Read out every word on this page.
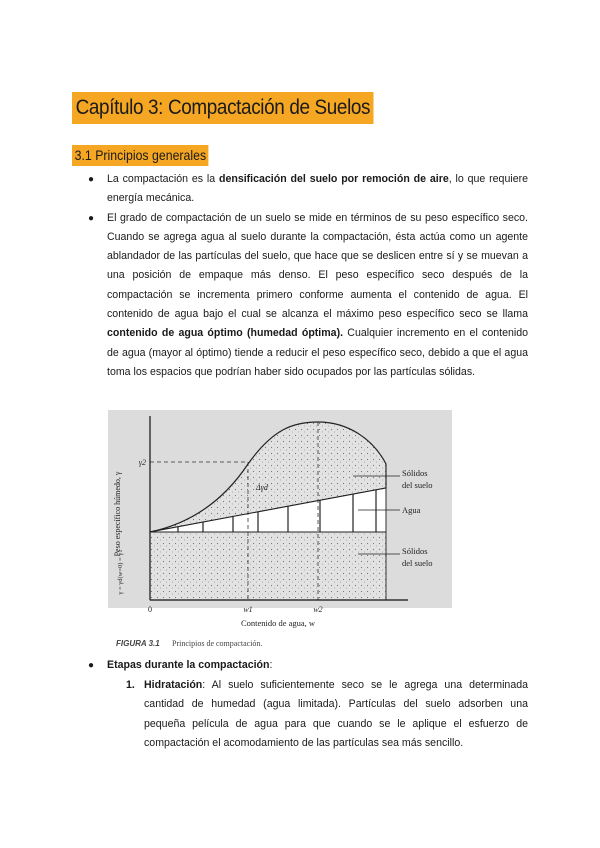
Capítulo 3: Compactación de Suelos
3.1 Principios generales
● La compactación es la densificación del suelo por remoción de aire, lo que requiere energía mecánica.
● El grado de compactación de un suelo se mide en términos de su peso específico seco. Cuando se agrega agua al suelo durante la compactación, ésta actúa como un agente ablandador de las partículas del suelo, que hace que se deslicen entre sí y se muevan a una posición de empaque más denso. El peso específico seco después de la compactación se incrementa primero conforme aumenta el contenido de agua. El contenido de agua bajo el cual se alcanza el máximo peso específico seco se llama contenido de agua óptimo (humedad óptima). Cualquier incremento en el contenido de agua (mayor al óptimo) tiende a reducir el peso específico seco, debido a que el agua toma los espacios que podrían haber sido ocupados por las partículas sólidas.
Peso específico húmedo, γ
γ = γd(w=0) = γ1
γ2
Δγd
0	w1	w2
Contenido de agua, w
Sólidos
del suelo
Agua
Sólidos
del suelo
FIGURA 3.1 Principios de compactación.
● Etapas durante la compactación:
1. Hidratación: Al suelo suficientemente seco se le agrega una determinada cantidad de humedad (agua limitada). Partículas del suelo adsorben una pequeña película de agua para que cuando se le aplique el esfuerzo de compactación el acomodamiento de las partículas sea más sencillo.
